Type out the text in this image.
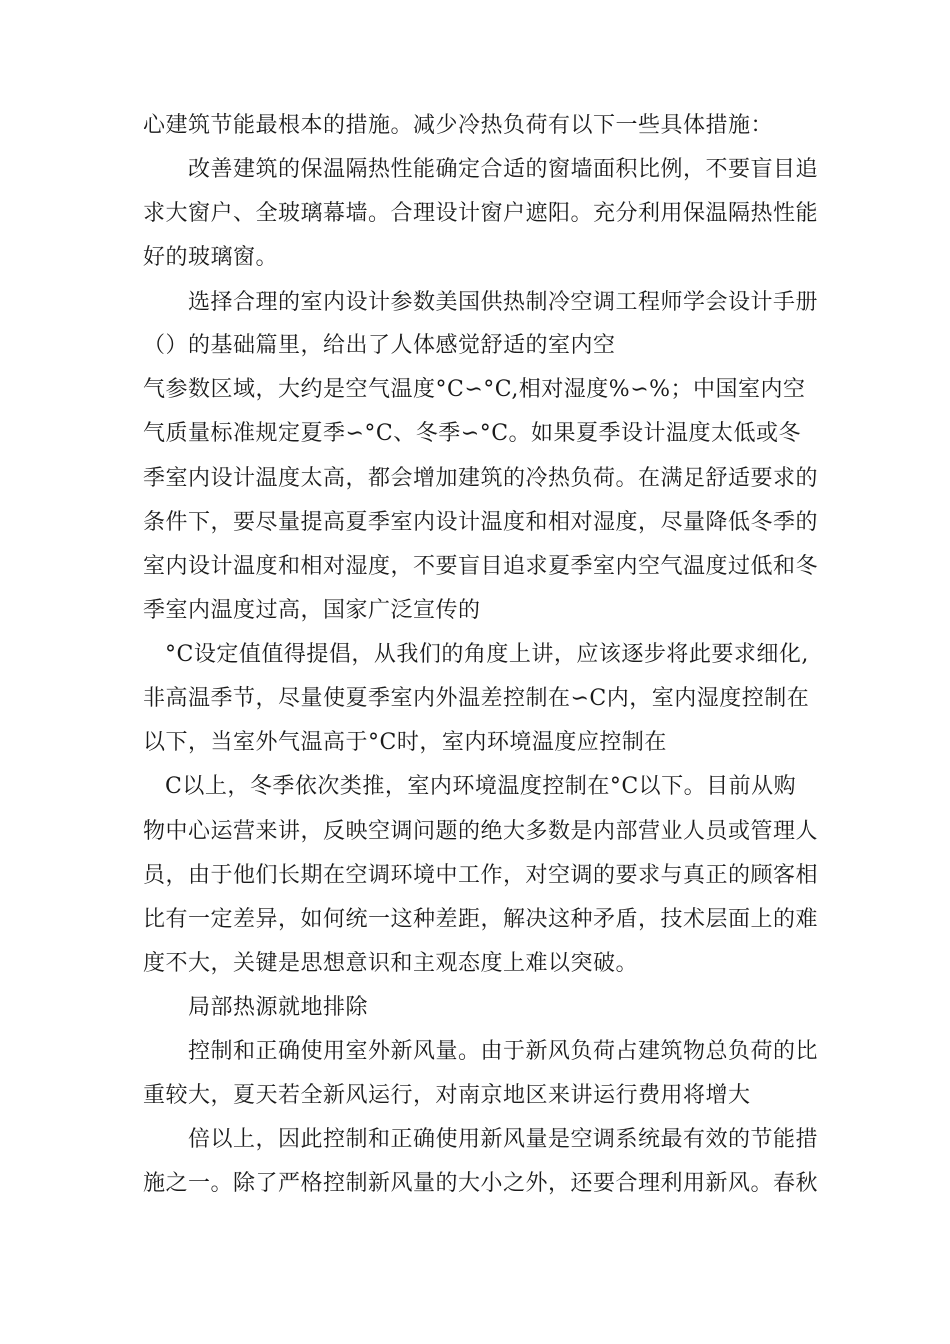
心建筑节能最根本的措施。减少冷热负荷有以下一些具体措施：
改善建筑的保温隔热性能确定合适的窗墙面积比例，不要盲目追
求大窗户、全玻璃幕墙。合理设计窗户遮阳。充分利用保温隔热性能
好的玻璃窗。
选择合理的室内设计参数美国供热制冷空调工程师学会设计手册
（）的基础篇里，给出了人体感觉舒适的室内空
气参数区域，大约是空气温度°C∽°C,相对湿度%∽%；中国室内空
气质量标准规定夏季∽°C、冬季∽°C。如果夏季设计温度太低或冬
季室内设计温度太高，都会增加建筑的冷热负荷。在满足舒适要求的
条件下，要尽量提高夏季室内设计温度和相对湿度，尽量降低冬季的
室内设计温度和相对湿度，不要盲目追求夏季室内空气温度过低和冬
季室内温度过高，国家广泛宣传的
°C设定值值得提倡，从我们的角度上讲，应该逐步将此要求细化,
非高温季节，尽量使夏季室内外温差控制在∽C内，室内湿度控制在
以下，当室外气温高于°C时，室内环境温度应控制在
C以上，冬季依次类推，室内环境温度控制在°C以下。目前从购
物中心运营来讲，反映空调问题的绝大多数是内部营业人员或管理人
员，由于他们长期在空调环境中工作，对空调的要求与真正的顾客相
比有一定差异，如何统一这种差距，解决这种矛盾，技术层面上的难
度不大，关键是思想意识和主观态度上难以突破。
局部热源就地排除
控制和正确使用室外新风量。由于新风负荷占建筑物总负荷的比
重较大，夏天若全新风运行，对南京地区来讲运行费用将增大
倍以上，因此控制和正确使用新风量是空调系统最有效的节能措
施之一。除了严格控制新风量的大小之外，还要合理利用新风。春秋
